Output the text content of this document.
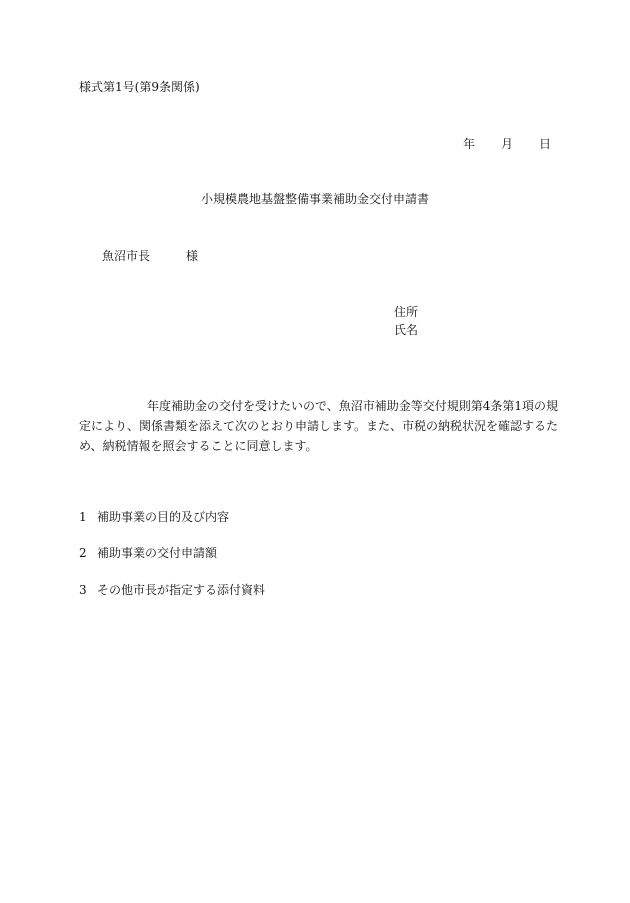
様式第1号(第9条関係)
年 月 日
小規模農地基盤整備事業補助金交付申請書
魚沼市長	様
住所
氏名
年度補助金の交付を受けたいので、魚沼市補助金等交付規則第4条第1項の規
定により、関係書類を添えて次のとおり申請します。また、市税の納税状況を確認するた
め、納税情報を照会することに同意します。
1 補助事業の目的及び内容
2 補助事業の交付申請額
3 その他市長が指定する添付資料
